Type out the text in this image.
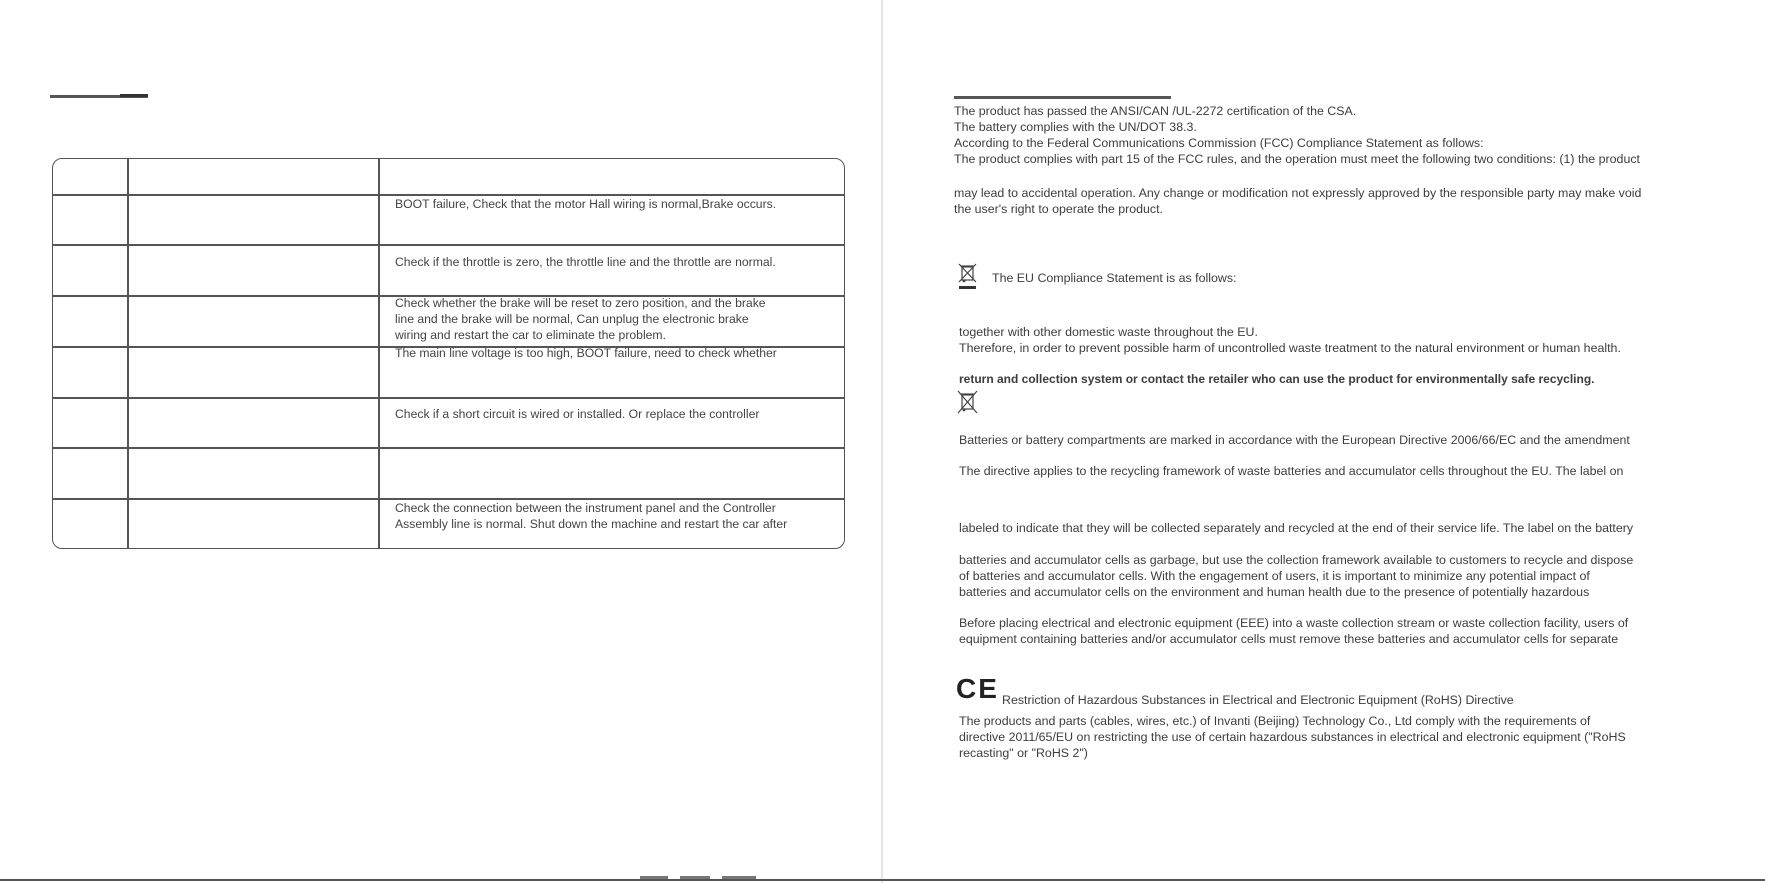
BOOT failure, Check that the motor Hall wiring is normal,Brake occurs.
Check if the throttle is zero, the throttle line and the throttle are normal.
Check whether the brake will be reset to zero position, and the brake
line and the brake will be normal, Can unplug the electronic brake
wiring and restart the car to eliminate the problem.
The main line voltage is too high, BOOT failure, need to check whether
Check if a short circuit is wired or installed. Or replace the controller
Check the connection between the instrument panel and the Controller
Assembly line is normal. Shut down the machine and restart the car after
The product has passed the ANSI/CAN /UL-2272 certification of the CSA.
The battery complies with the UN/DOT 38.3.
According to the Federal Communications Commission (FCC) Compliance Statement as follows:
The product complies with part 15 of the FCC rules, and the operation must meet the following two conditions: (1) the product
may lead to accidental operation. Any change or modification not expressly approved by the responsible party may make void
the user's right to operate the product.
The EU Compliance Statement is as follows:
together with other domestic waste throughout the EU.
Therefore, in order to prevent possible harm of uncontrolled waste treatment to the natural environment or human health.
return and collection system or contact the retailer who can use the product for environmentally safe recycling.
Batteries or battery compartments are marked in accordance with the European Directive 2006/66/EC and the amendment
The directive applies to the recycling framework of waste batteries and accumulator cells throughout the EU. The label on
labeled to indicate that they will be collected separately and recycled at the end of their service life. The label on the battery
batteries and accumulator cells as garbage, but use the collection framework available to customers to recycle and dispose
of batteries and accumulator cells. With the engagement of users, it is important to minimize any potential impact of
batteries and accumulator cells on the environment and human health due to the presence of potentially hazardous
Before placing electrical and electronic equipment (EEE) into a waste collection stream or waste collection facility, users of
equipment containing batteries and/or accumulator cells must remove these batteries and accumulator cells for separate
CE Restriction of Hazardous Substances in Electrical and Electronic Equipment (RoHS) Directive
The products and parts (cables, wires, etc.) of Invanti (Beijing) Technology Co., Ltd comply with the requirements of
directive 2011/65/EU on restricting the use of certain hazardous substances in electrical and electronic equipment ("RoHS
recasting" or "RoHS 2")
